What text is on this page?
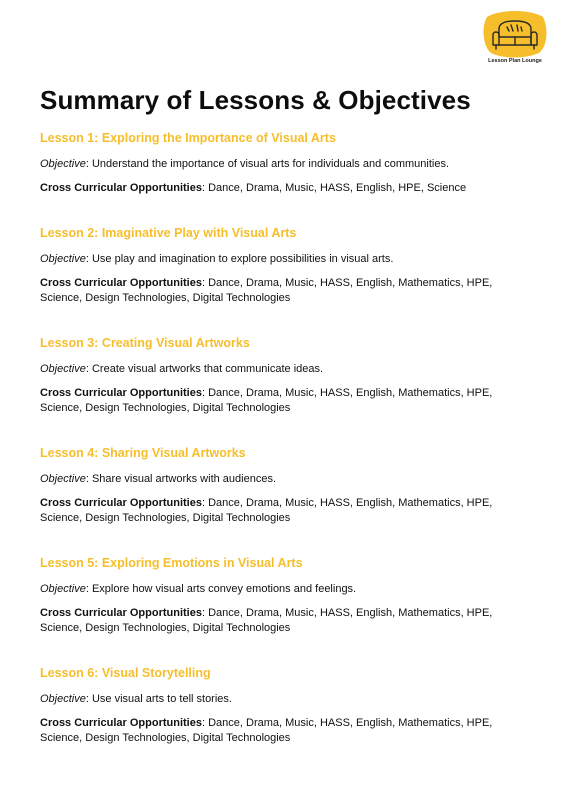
Lesson Plan Lounge
Summary of Lessons & Objectives
Lesson 1: Exploring the Importance of Visual Arts

Objective: Understand the importance of visual arts for individuals and communities.

Cross Curricular Opportunities: Dance, Drama, Music, HASS, English, HPE, Science

Lesson 2: Imaginative Play with Visual Arts

Objective: Use play and imagination to explore possibilities in visual arts.

Cross Curricular Opportunities: Dance, Drama, Music, HASS, English, Mathematics, HPE, Science, Design Technologies, Digital Technologies

Lesson 3: Creating Visual Artworks

Objective: Create visual artworks that communicate ideas.

Cross Curricular Opportunities: Dance, Drama, Music, HASS, English, Mathematics, HPE, Science, Design Technologies, Digital Technologies

Lesson 4: Sharing Visual Artworks

Objective: Share visual artworks with audiences.

Cross Curricular Opportunities: Dance, Drama, Music, HASS, English, Mathematics, HPE, Science, Design Technologies, Digital Technologies

Lesson 5: Exploring Emotions in Visual Arts

Objective: Explore how visual arts convey emotions and feelings.

Cross Curricular Opportunities: Dance, Drama, Music, HASS, English, Mathematics, HPE, Science, Design Technologies, Digital Technologies

Lesson 6: Visual Storytelling

Objective: Use visual arts to tell stories.

Cross Curricular Opportunities: Dance, Drama, Music, HASS, English, Mathematics, HPE, Science, Design Technologies, Digital Technologies
